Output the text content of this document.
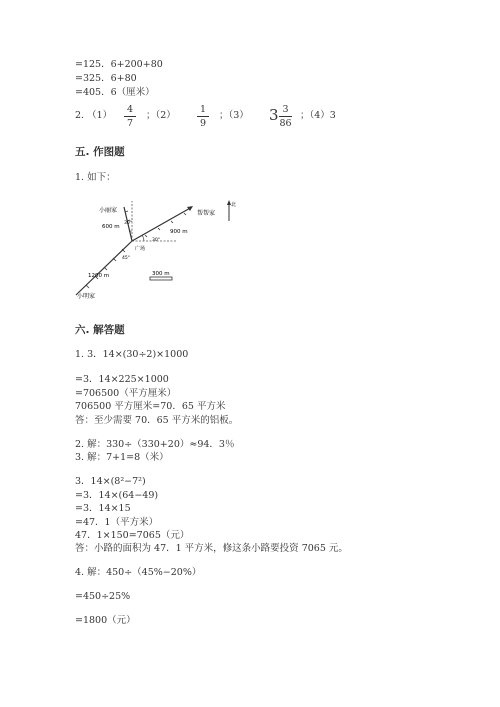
=125．6+200+80
=325．6+80
=405．6（厘米）
2. （1）
4
7
；（2）
1
9
；（3） 3 3
86
；（4）3
五. 作图题
1. 如下：
北
小丽家	帮帮家
小明家
广场
600 m
900 m
1200 m
30°
30°
45°
300 m
六. 解答题
1. 3．14×(30÷2)×1000
=3．14×225×1000
=706500（平方厘米）
706500 平方厘米=70．65 平方米
答：至少需要 70．65 平方米的铝板。
2. 解：330÷（330+20）≈94．3％
3. 解：7+1=8（米）
3．14×(8²−7²)
=3．14×(64−49)
=3．14×15
=47．1（平方米）
47．1×150=7065（元）
答：小路的面积为 47．1 平方米，修这条小路要投资 7065 元。
4. 解：450÷（45%−20%）
=450÷25%
=1800（元）
